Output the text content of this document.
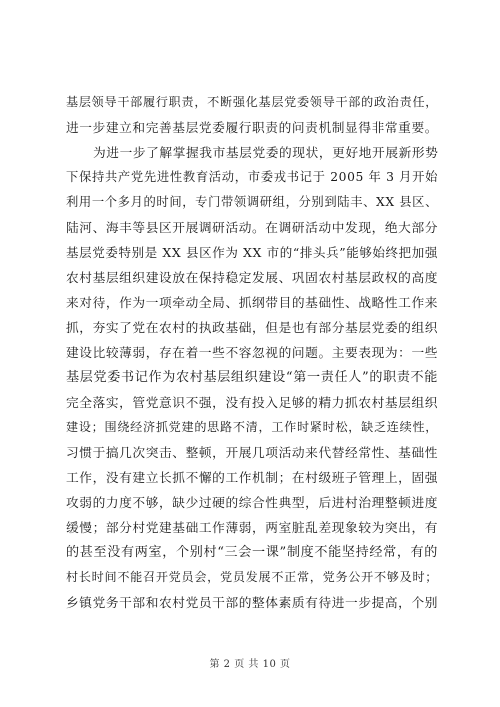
基层领导干部履行职责，不断强化基层党委领导干部的政治责任，
进一步建立和完善基层党委履行职责的问责机制显得非常重要。
为进一步了解掌握我市基层党委的现状，更好地开展新形势
下保持共产党先进性教育活动，市委戎书记于 2005 年 3 月开始
利用一个多月的时间，专门带领调研组，分别到陆丰、XX 县区、
陆河、海丰等县区开展调研活动。在调研活动中发现，绝大部分
基层党委特别是 XX 县区作为 XX 市的“排头兵”能够始终把加强
农村基层组织建设放在保持稳定发展、巩固农村基层政权的高度
来对待，作为一项牵动全局、抓纲带目的基础性、战略性工作来
抓，夯实了党在农村的执政基础，但是也有部分基层党委的组织
建设比较薄弱，存在着一些不容忽视的问题。主要表现为：一些
基层党委书记作为农村基层组织建设“第一责任人”的职责不能
完全落实，管党意识不强，没有投入足够的精力抓农村基层组织
建设；围绕经济抓党建的思路不清，工作时紧时松，缺乏连续性，
习惯于搞几次突击、整顿，开展几项活动来代替经常性、基础性
工作，没有建立长抓不懈的工作机制；在村级班子管理上，固强
攻弱的力度不够，缺少过硬的综合性典型，后进村治理整顿进度
缓慢；部分村党建基础工作薄弱，两室脏乱差现象较为突出，有
的甚至没有两室，个别村“三会一课”制度不能坚持经常，有的
村长时间不能召开党员会，党员发展不正常，党务公开不够及时；
乡镇党务干部和农村党员干部的整体素质有待进一步提高，个别
第 2 页 共 10 页
